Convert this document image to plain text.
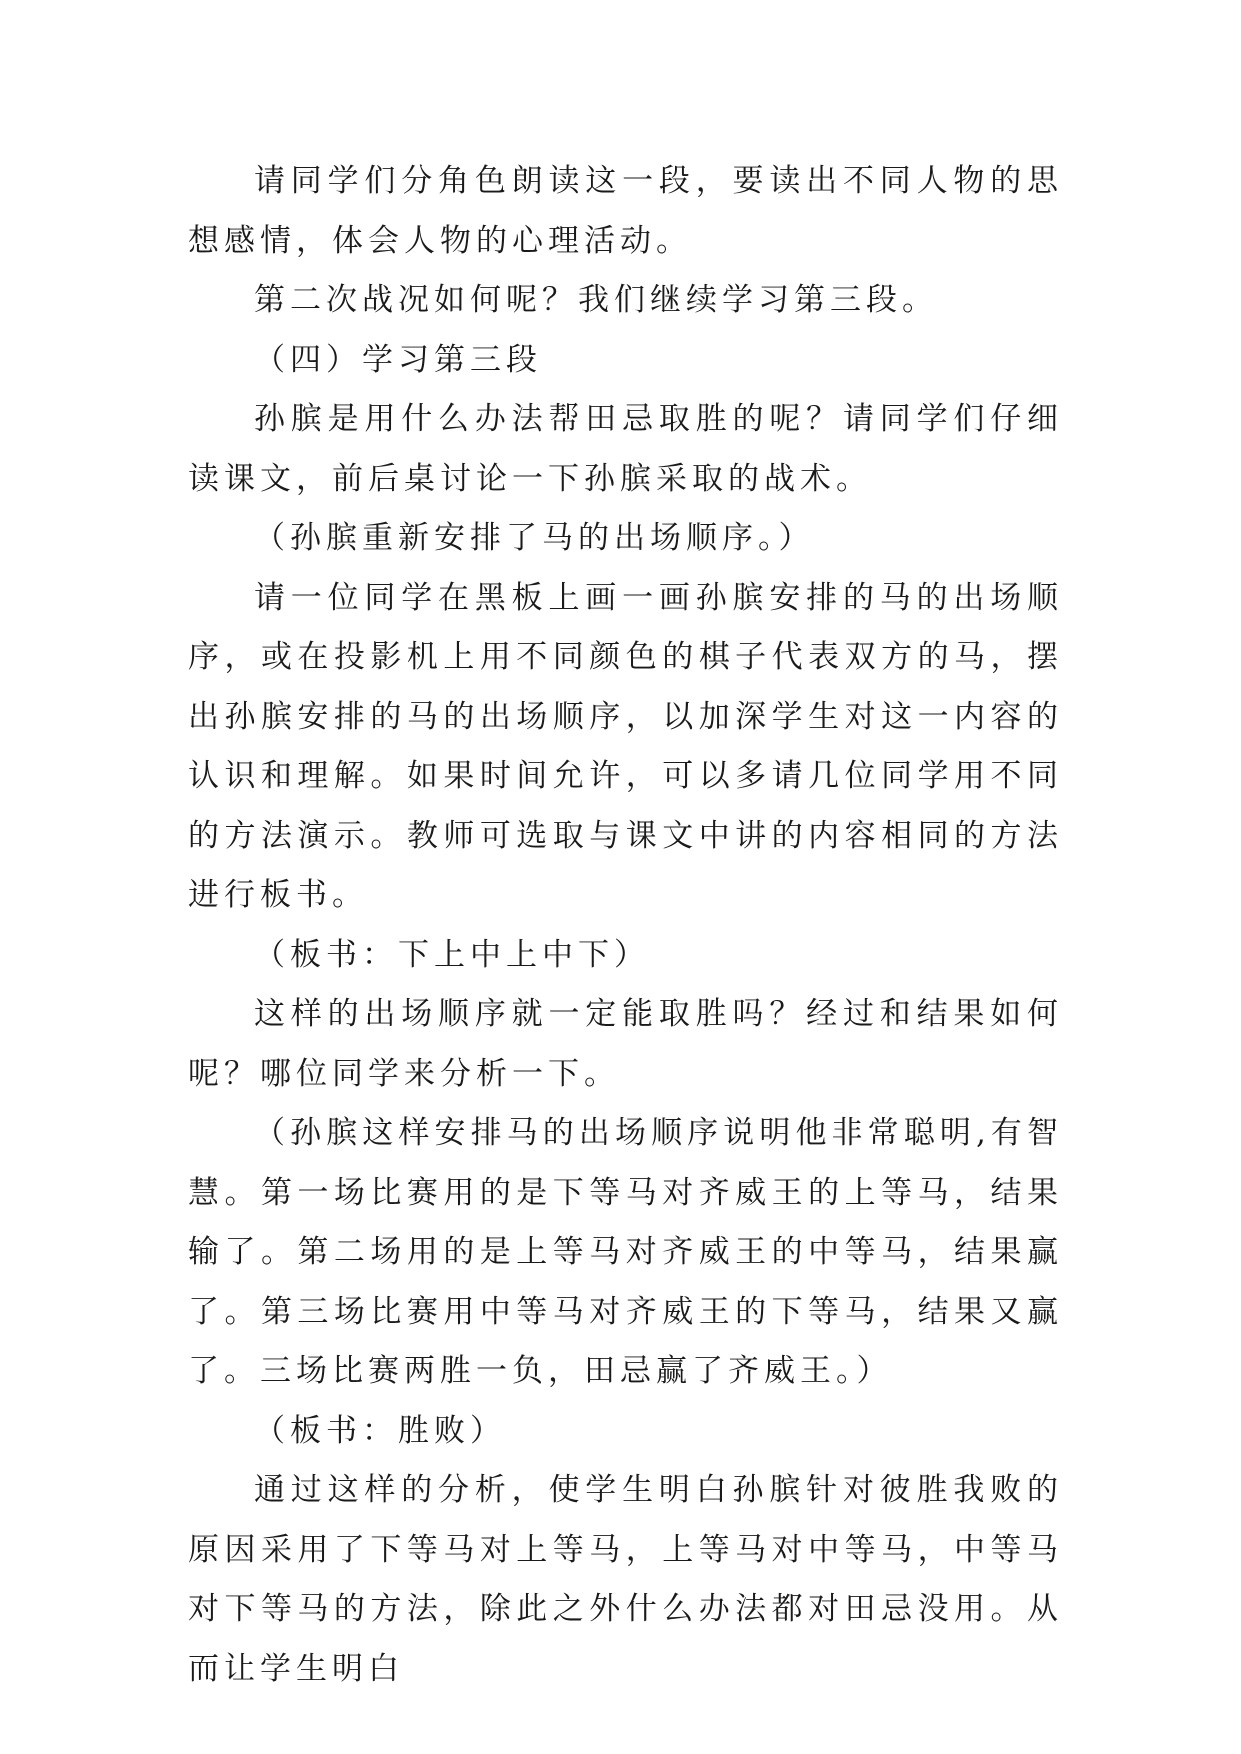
请同学们分角色朗读这一段，要读出不同人物的思想感情，体会人物的心理活动。

第二次战况如何呢？我们继续学习第三段。

（四）学习第三段

孙膑是用什么办法帮田忌取胜的呢？请同学们仔细读课文，前后桌讨论一下孙膑采取的战术。

（孙膑重新安排了马的出场顺序。）

请一位同学在黑板上画一画孙膑安排的马的出场顺序，或在投影机上用不同颜色的棋子代表双方的马，摆出孙膑安排的马的出场顺序，以加深学生对这一内容的认识和理解。如果时间允许，可以多请几位同学用不同的方法演示。教师可选取与课文中讲的内容相同的方法进行板书。

（板书：下上中上中下）

这样的出场顺序就一定能取胜吗？经过和结果如何呢？哪位同学来分析一下。

（孙膑这样安排马的出场顺序说明他非常聪明,有智慧。第一场比赛用的是下等马对齐威王的上等马，结果输了。第二场用的是上等马对齐威王的中等马，结果赢了。第三场比赛用中等马对齐威王的下等马，结果又赢了。三场比赛两胜一负，田忌赢了齐威王。）

（板书：胜败）

通过这样的分析，使学生明白孙膑针对彼胜我败的原因采用了下等马对上等马，上等马对中等马，中等马对下等马的方法，除此之外什么办法都对田忌没用。从而让学生明白
